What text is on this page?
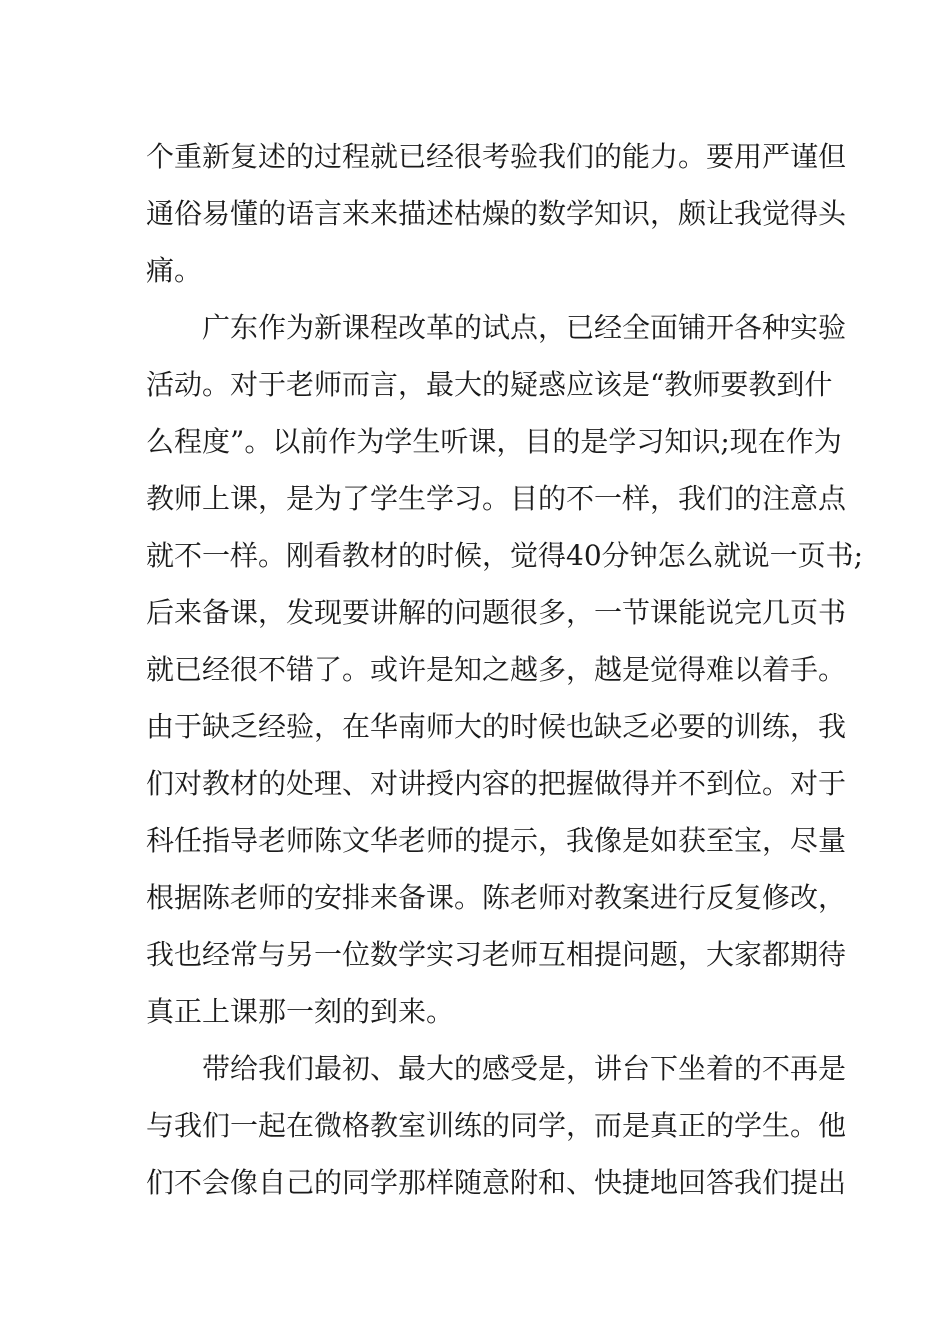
个重新复述的过程就已经很考验我们的能力。要用严谨但
通俗易懂的语言来来描述枯燥的数学知识，颇让我觉得头
痛。
广东作为新课程改革的试点，已经全面铺开各种实验
活动。对于老师而言，最大的疑惑应该是“教师要教到什
么程度”。以前作为学生听课，目的是学习知识;现在作为
教师上课，是为了学生学习。目的不一样，我们的注意点
就不一样。刚看教材的时候，觉得40分钟怎么就说一页书;
后来备课，发现要讲解的问题很多，一节课能说完几页书
就已经很不错了。或许是知之越多，越是觉得难以着手。
由于缺乏经验，在华南师大的时候也缺乏必要的训练，我
们对教材的处理、对讲授内容的把握做得并不到位。对于
科任指导老师陈文华老师的提示，我像是如获至宝，尽量
根据陈老师的安排来备课。陈老师对教案进行反复修改，
我也经常与另一位数学实习老师互相提问题，大家都期待
真正上课那一刻的到来。
带给我们最初、最大的感受是，讲台下坐着的不再是
与我们一起在微格教室训练的同学，而是真正的学生。他
们不会像自己的同学那样随意附和、快捷地回答我们提出
